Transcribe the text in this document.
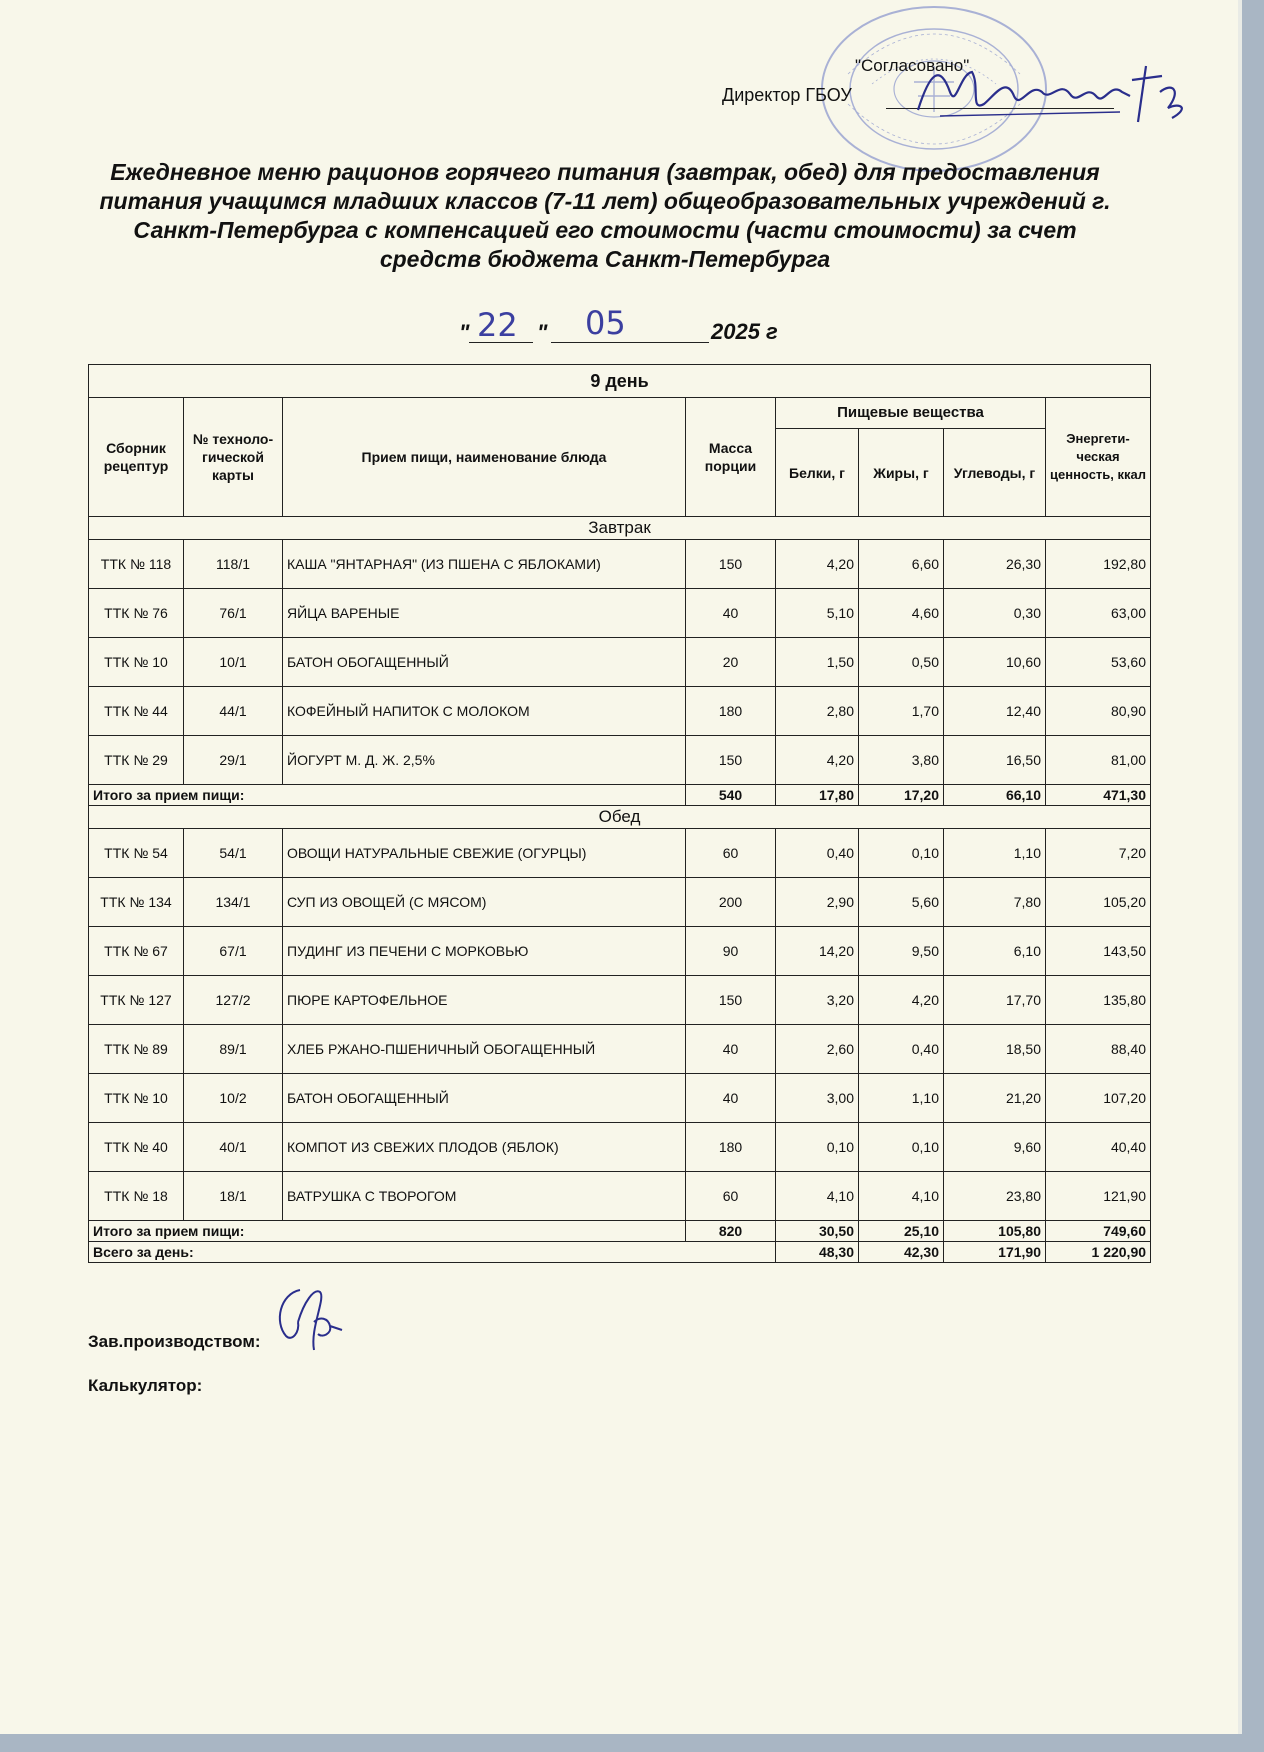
"Согласовано"
Директор ГБОУ
Ежедневное меню рационов горячего питания (завтрак, обед) для предоставления питания учащимся младших классов (7-11 лет) общеобразовательных учреждений г. Санкт-Петербурга с компенсацией его стоимости (части стоимости) за счет средств бюджета Санкт-Петербурга
" 22 " 05	2025 г
9 день							
Сборник рецептур	№ техноло-гической карты	Прием пищи, наименование блюда	Масса порции	Пищевые вещества			Энергети-ческая ценность, ккал
				Белки, г	Жиры, г	Углеводы, г	
Завтрак							
ТТК № 118	118/1	КАША "ЯНТАРНАЯ" (ИЗ ПШЕНА С ЯБЛОКАМИ)	150	4,20	6,60	26,30	192,80
ТТК № 76	76/1	ЯЙЦА ВАРЕНЫЕ	40	5,10	4,60	0,30	63,00
ТТК № 10	10/1	БАТОН ОБОГАЩЕННЫЙ	20	1,50	0,50	10,60	53,60
ТТК № 44	44/1	КОФЕЙНЫЙ НАПИТОК С МОЛОКОМ	180	2,80	1,70	12,40	80,90
ТТК № 29	29/1	ЙОГУРТ М. Д. Ж. 2,5%	150	4,20	3,80	16,50	81,00
Итого за прием пищи:			540	17,80	17,20	66,10	471,30
Обед							
ТТК № 54	54/1	ОВОЩИ НАТУРАЛЬНЫЕ СВЕЖИЕ (ОГУРЦЫ)	60	0,40	0,10	1,10	7,20
ТТК № 134	134/1	СУП ИЗ ОВОЩЕЙ (С МЯСОМ)	200	2,90	5,60	7,80	105,20
ТТК № 67	67/1	ПУДИНГ ИЗ ПЕЧЕНИ С МОРКОВЬЮ	90	14,20	9,50	6,10	143,50
ТТК № 127	127/2	ПЮРЕ КАРТОФЕЛЬНОЕ	150	3,20	4,20	17,70	135,80
ТТК № 89	89/1	ХЛЕБ РЖАНО-ПШЕНИЧНЫЙ ОБОГАЩЕННЫЙ	40	2,60	0,40	18,50	88,40
ТТК № 10	10/2	БАТОН ОБОГАЩЕННЫЙ	40	3,00	1,10	21,20	107,20
ТТК № 40	40/1	КОМПОТ ИЗ СВЕЖИХ ПЛОДОВ (ЯБЛОК)	180	0,10	0,10	9,60	40,40
ТТК № 18	18/1	ВАТРУШКА С ТВОРОГОМ	60	4,10	4,10	23,80	121,90
Итого за прием пищи:			820	30,50	25,10	105,80	749,60
Всего за день:				48,30	42,30	171,90	1 220,90
Зав.производством:
Калькулятор:
